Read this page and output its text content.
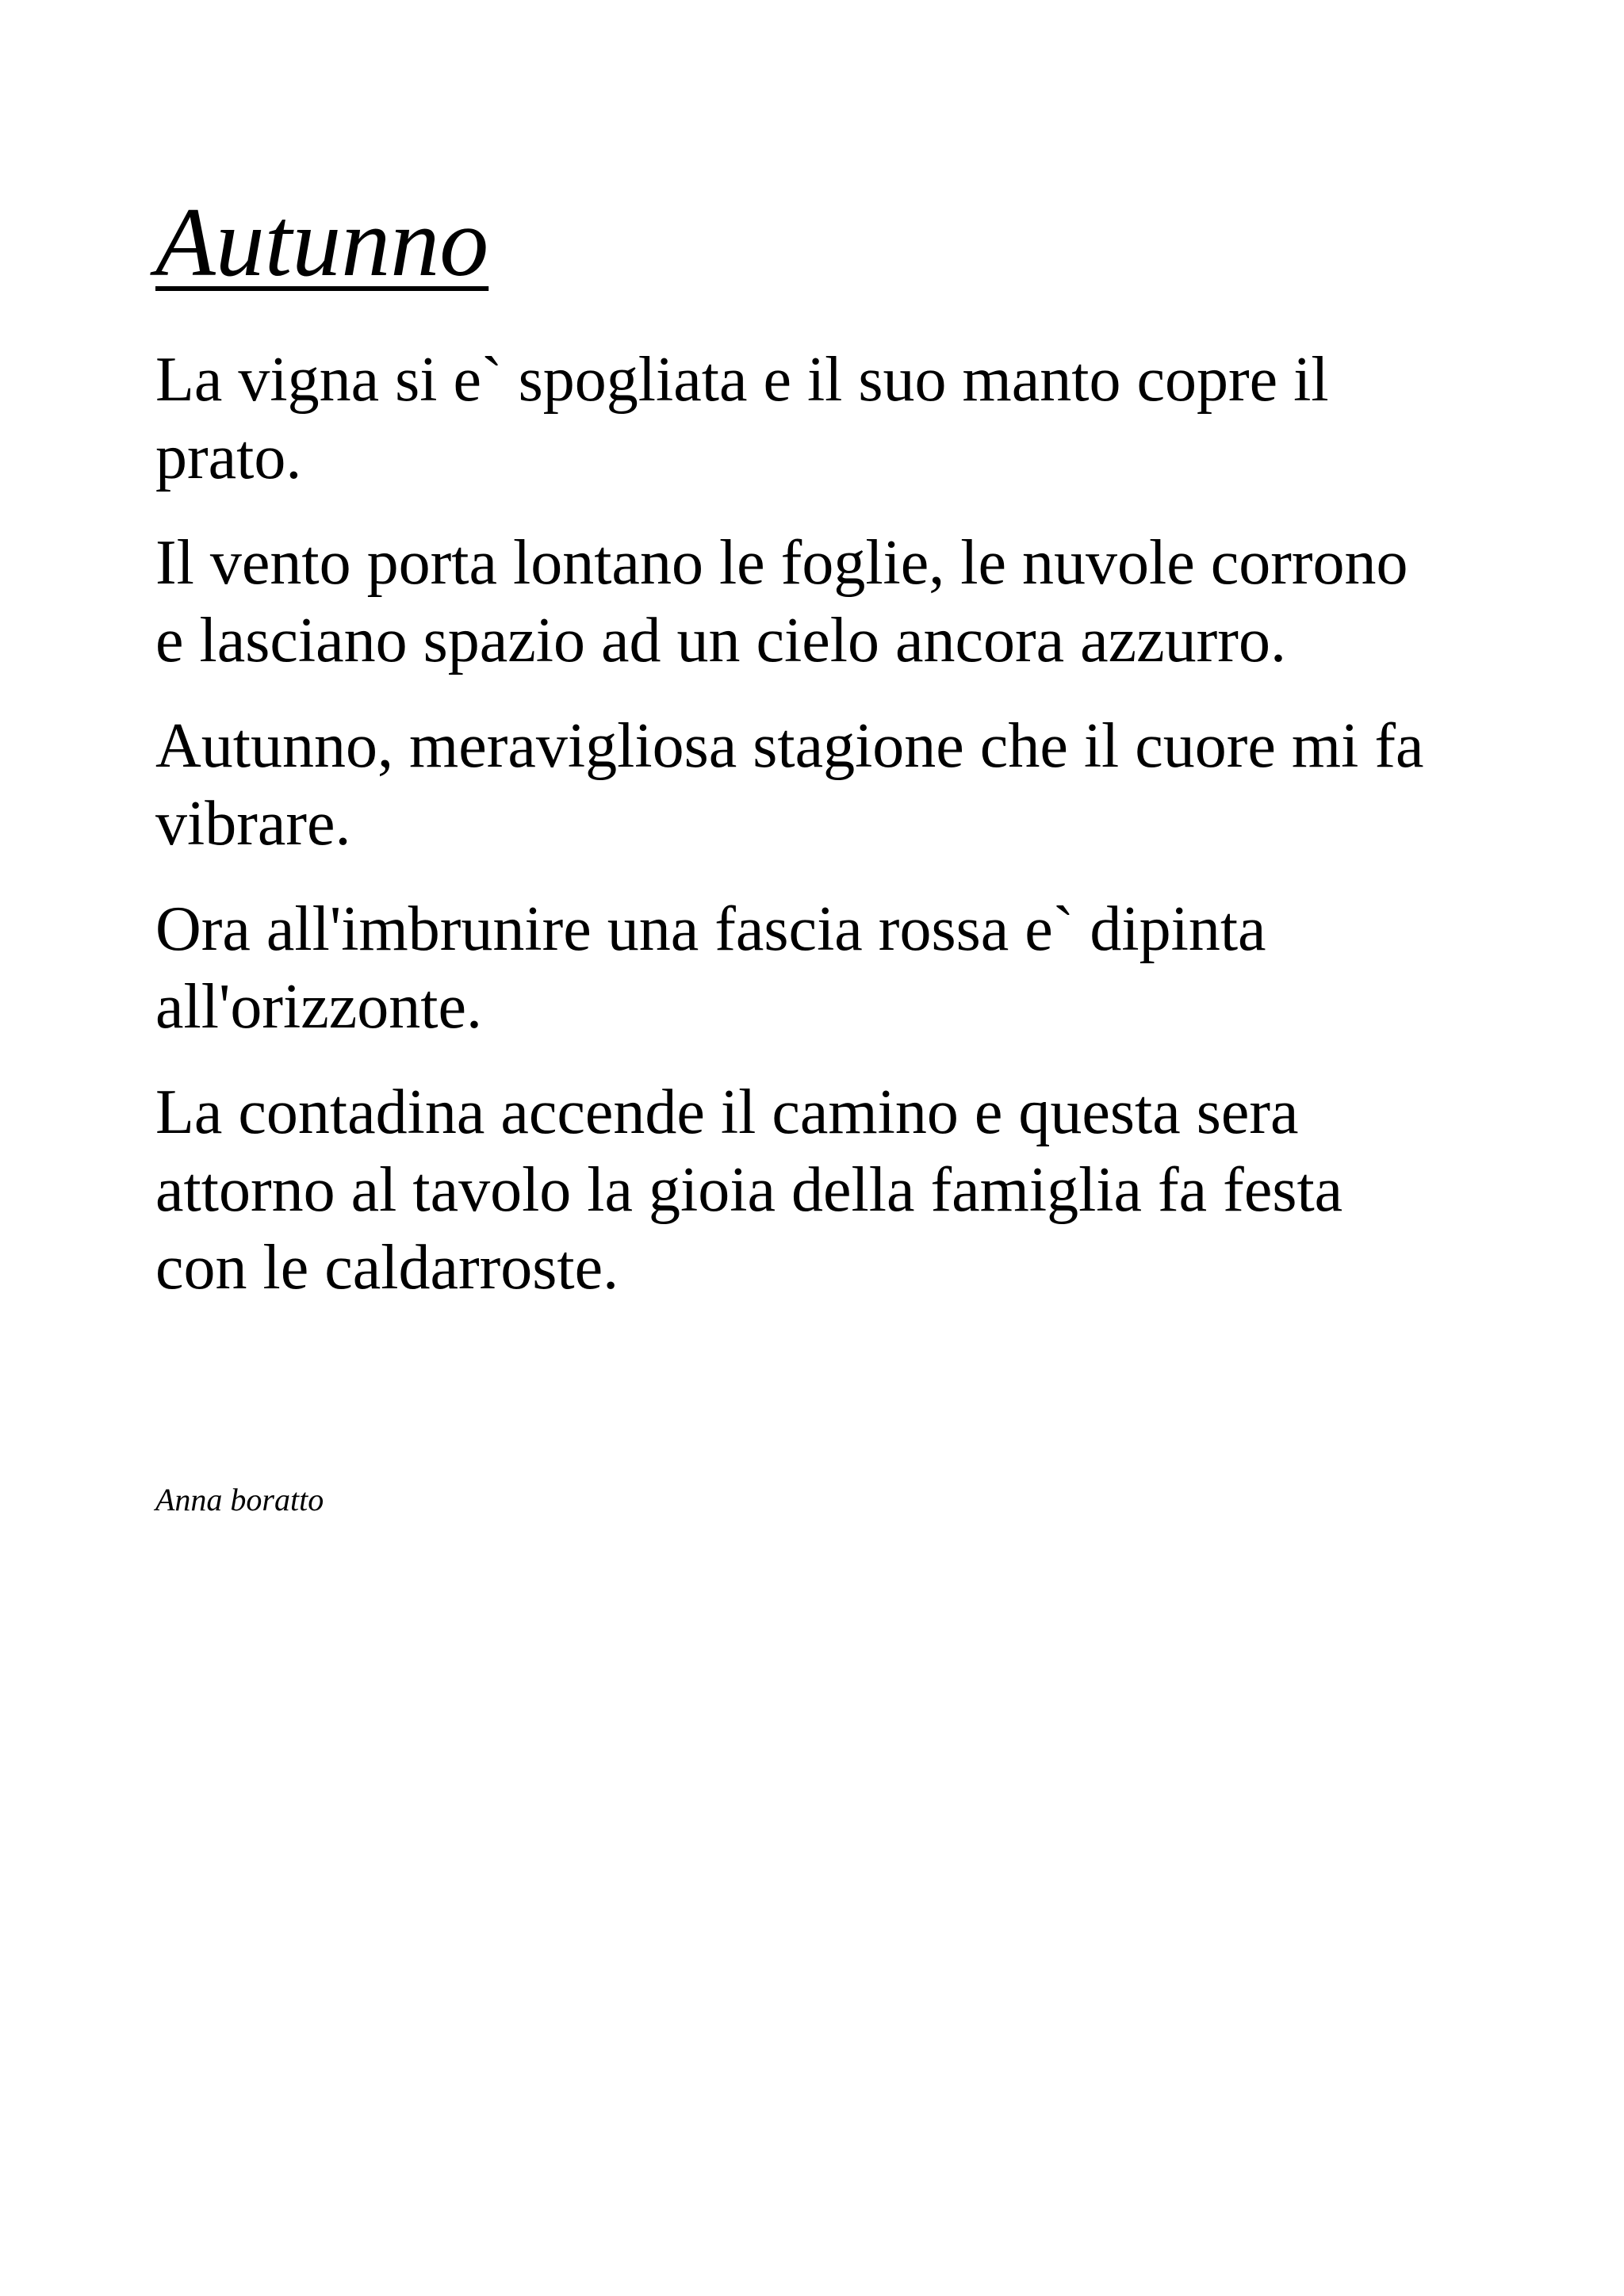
Autunno

La vigna si e` spogliata e il suo manto copre il
prato.

Il vento porta lontano le foglie, le nuvole corrono
e lasciano spazio ad un cielo ancora azzurro.

Autunno, meravigliosa stagione che il cuore mi fa
vibrare.

Ora all'imbrunire una fascia rossa e` dipinta
all'orizzonte.

La contadina accende il camino e questa sera
attorno al tavolo la gioia della famiglia fa festa
con le caldarroste.

Anna boratto
